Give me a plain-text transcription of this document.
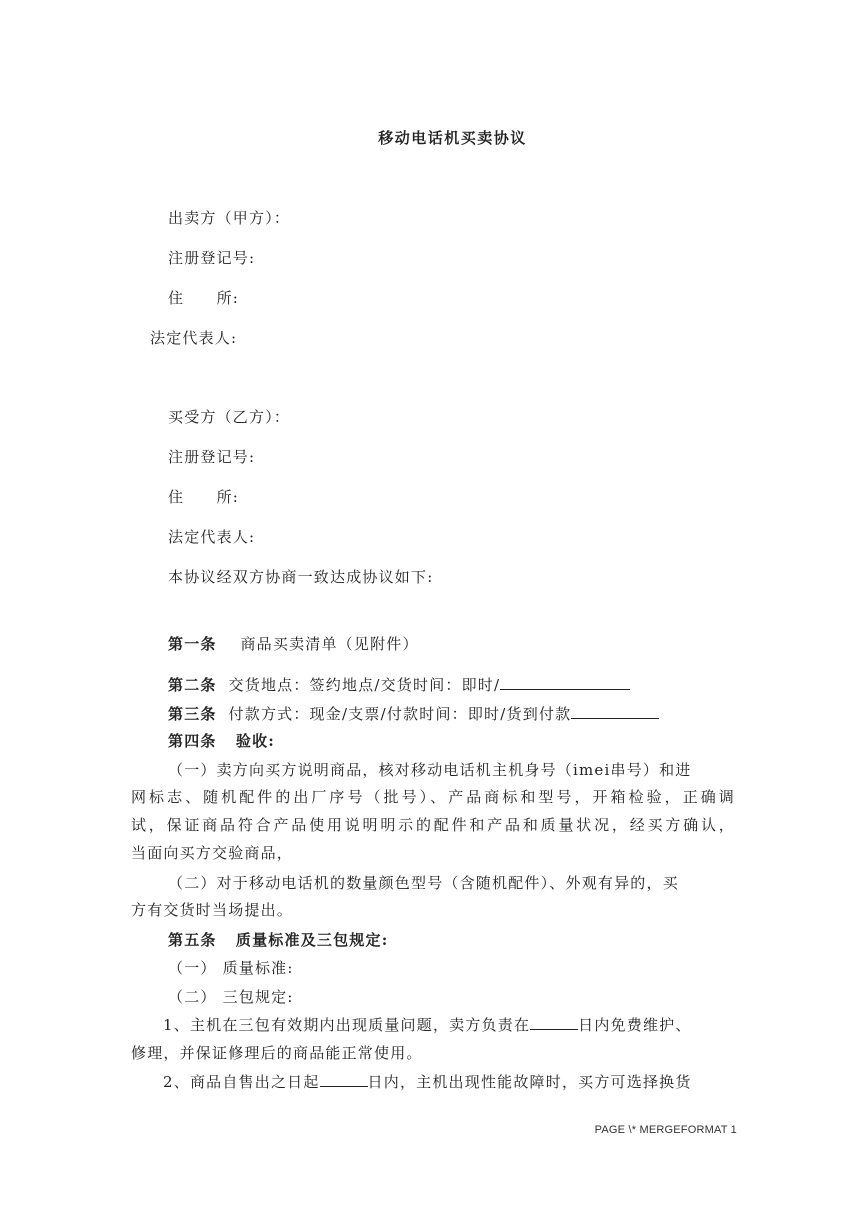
移动电话机买卖协议
出卖方（甲方）：
注册登记号:
住　　所:
法定代表人:
买受方（乙方）：
注册登记号:
住　　所:
法定代表人:
本协议经双方协商一致达成协议如下:
第一条 商品买卖清单（见附件）
第二条 交货地点：签约地点/交货时间：即时/
第三条 付款方式：现金/支票/付款时间：即时/货到付款
第四条 验收:
（一）卖方向买方说明商品，核对移动电话机主机身号（imei串号）和进
网标志、随机配件的出厂序号（批号）、产品商标和型号，开箱检验，正确调
试，保证商品符合产品使用说明明示的配件和产品和质量状况，经买方确认，
当面向买方交验商品，
（二）对于移动电话机的数量颜色型号（含随机配件）、外观有异的，买
方有交货时当场提出。
第五条 质量标准及三包规定:
（一） 质量标准:
（二） 三包规定:
1、主机在三包有效期内出现质量问题，卖方负责在	日内免费维护、
修理，并保证修理后的商品能正常使用。
2、商品自售出之日起	日内，主机出现性能故障时，买方可选择换货
PAGE \* MERGEFORMAT 1
